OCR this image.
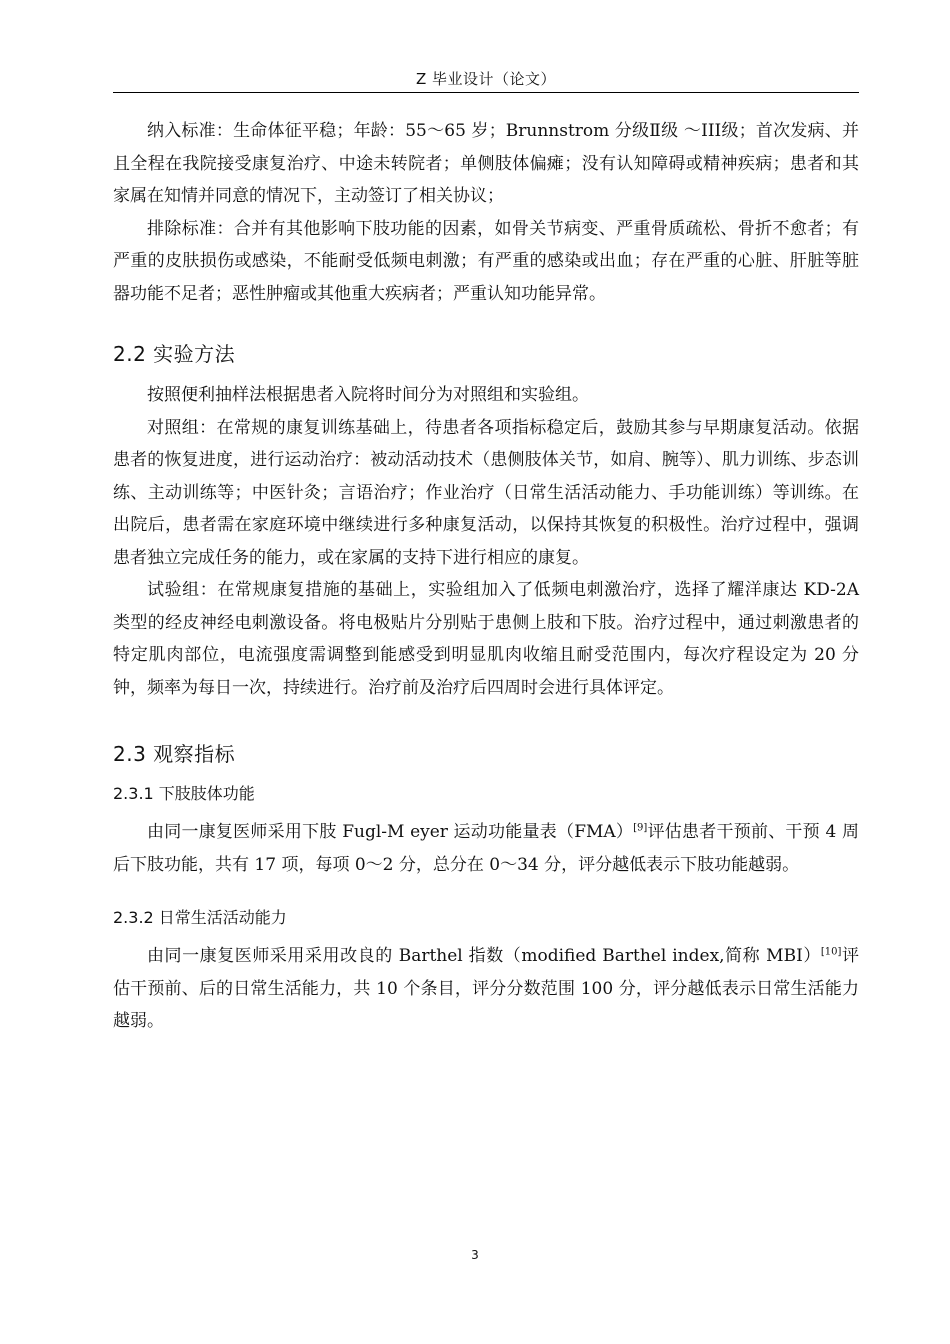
Z 毕业设计（论文）

纳入标准：生命体征平稳；年龄：55～65 岁；Brunnstrom 分级Ⅱ级 ～III级；首次发病、并且全程在我院接受康复治疗、中途未转院者；单侧肢体偏瘫；没有认知障碍或精神疾病；患者和其家属在知情并同意的情况下，主动签订了相关协议；

排除标准：合并有其他影响下肢功能的因素，如骨关节病变、严重骨质疏松、骨折不愈者；有严重的皮肤损伤或感染，不能耐受低频电刺激；有严重的感染或出血；存在严重的心脏、肝脏等脏器功能不足者；恶性肿瘤或其他重大疾病者；严重认知功能异常。

2.2 实验方法

按照便利抽样法根据患者入院将时间分为对照组和实验组。

对照组：在常规的康复训练基础上，待患者各项指标稳定后，鼓励其参与早期康复活动。依据患者的恢复进度，进行运动治疗：被动活动技术（患侧肢体关节，如肩、腕等）、肌力训练、步态训练、主动训练等；中医针灸；言语治疗；作业治疗（日常生活活动能力、手功能训练）等训练。在出院后，患者需在家庭环境中继续进行多种康复活动，以保持其恢复的积极性。治疗过程中，强调患者独立完成任务的能力，或在家属的支持下进行相应的康复。

试验组：在常规康复措施的基础上，实验组加入了低频电刺激治疗，选择了耀洋康达 KD-2A 类型的经皮神经电刺激设备。将电极贴片分别贴于患侧上肢和下肢。治疗过程中，通过刺激患者的特定肌肉部位，电流强度需调整到能感受到明显肌肉收缩且耐受范围内，每次疗程设定为 20 分钟，频率为每日一次，持续进行。治疗前及治疗后四周时会进行具体评定。

2.3 观察指标
2.3.1 下肢肢体功能

由同一康复医师采用下肢 Fugl-M eyer 运动功能量表（FMA）[9]评估患者干预前、干预 4 周后下肢功能，共有 17 项，每项 0～2 分，总分在 0～34 分，评分越低表示下肢功能越弱。

2.3.2 日常生活活动能力

由同一康复医师采用采用改良的 Barthel 指数（modified Barthel index,简称 MBI）[10]评估干预前、后的日常生活能力，共 10 个条目，评分分数范围 100 分，评分越低表示日常生活能力越弱。

3
